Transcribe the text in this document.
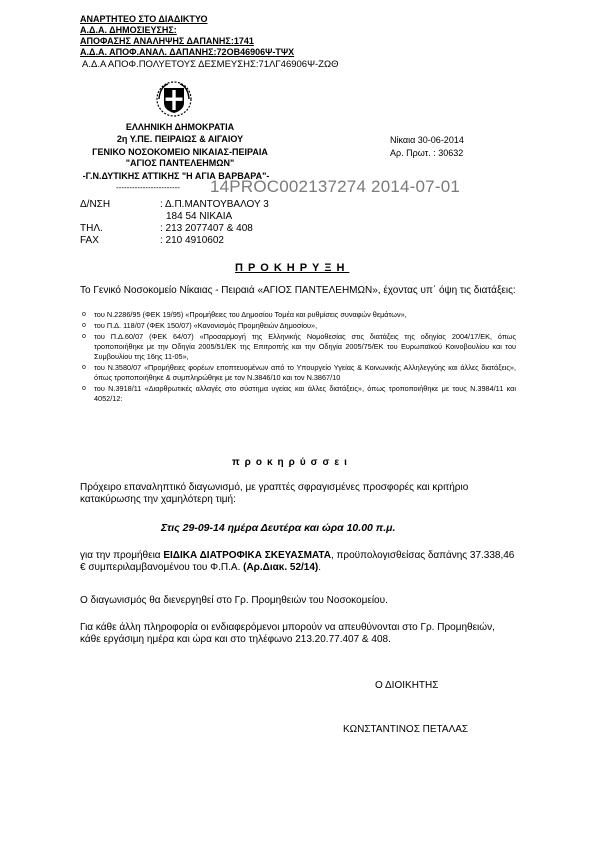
ΑΝΑΡΤΗΤΕΟ ΣΤΟ ΔΙΑΔΙΚΤΥΟ
Α.Δ.Α. ΔΗΜΟΣΙΕΥΣΗΣ:
ΑΠΟΦΑΣΗΣ ΑΝΑΛΗΨΗΣ ΔΑΠΑΝΗΣ:1741
Α.Δ.Α. ΑΠΟΦ.ΑΝΑΛ. ΔΑΠΑΝΗΣ:72ΟΒ46906Ψ-ΤΨΧ
Α.Δ.Α ΑΠΟΦ.ΠΟΛΥΕΤΟΥΣ ΔΕΣΜΕΥΣΗΣ:71ΛΓ46906Ψ-ΖΩΘ
ΕΛΛΗΝΙΚΗ ΔΗΜΟΚΡΑΤΙΑ
2η Υ.ΠΕ. ΠΕΙΡΑΙΩΣ & ΑΙΓΑΙΟΥ
ΓΕΝΙΚΟ ΝΟΣΟΚΟΜΕΙΟ ΝΙΚΑΙΑΣ-ΠΕΙΡΑΙΑ
"ΑΓΙΟΣ ΠΑΝΤΕΛΕΗΜΩΝ"
-Γ.Ν.ΔΥΤΙΚΗΣ ΑΤΤΙΚΗΣ "Η ΑΓΙΑ ΒΑΡΒΑΡΑ"-
------------------------
Νίκαια 30-06-2014
Αρ. Πρωτ. : 30632
14PROC002137274 2014-07-01
Δ/ΝΣΗ	: Δ.Π.ΜΑΝΤΟΥΒΑΛΟΥ 3
184 54 ΝΙΚΑΙΑ
ΤΗΛ.	: 213 2077407 & 408
FAX	: 210 4910602
ΠΡΟΚΗΡΥΞΗ
Το Γενικό Νοσοκομείο Νίκαιας - Πειραιά «ΑΓΙΟΣ ΠΑΝΤΕΛΕΗΜΩΝ», έχοντας υπ΄ όψη τις διατάξεις:
o του Ν.2286/95 (ΦΕΚ 19/95) «Προμήθειες του Δημοσίου Τομέα και ρυθμίσεις συναφών θεμάτων»,
o του Π.Δ. 118/07 (ΦΕΚ 150/07) «Κανονισμός Προμηθειών Δημοσίου»,
o του Π.Δ.60/07 (ΦΕΚ 64/07) «Προσαρμογή της Ελληνικής Νομοθεσίας στις διατάξεις της οδηγίας 2004/17/ΕΚ, όπως τροποποιήθηκε με την Οδηγία 2005/51/ΕΚ της Επιτροπής και την Οδηγία 2005/75/ΕΚ του Ευρωπαϊκού Κοινοβουλίου και του Συμβουλίου της 16ης 11-05»,
o του Ν.3580/07 «Προμήθειες φορέων εποπτευομένων από το Υπουργείο Υγείας & Κοινωνικής Αλληλεγγύης και άλλες διατάξεις», όπως τροποποιήθηκε & συμπληρώθηκε με τον Ν.3846/10 και τον Ν.3867/10
o του Ν.3918/11 «Διαρθρωτικές αλλαγές στο σύστημα υγείας και άλλες διατάξεις», όπως τροποποιήθηκε με τους Ν.3984/11 και 4052/12:
προκηρύσσει
Πρόχειρο επαναληπτικό διαγωνισμό, με γραπτές σφραγισμένες προσφορές και κριτήριο κατακύρωσης την χαμηλότερη τιμή:
Στις 29-09-14 ημέρα Δευτέρα και ώρα 10.00 π.μ.
για την προμήθεια ΕΙΔΙΚΑ ΔΙΑΤΡΟΦΙΚΑ ΣΚΕΥΑΣΜΑΤΑ, προϋπολογισθείσας δαπάνης 37.338,46 € συμπεριλαμβανομένου του Φ.Π.Α. (Αρ.Διακ. 52/14).
Ο διαγωνισμός θα διενεργηθεί στο Γρ. Προμηθειών του Νοσοκομείου.
Για κάθε άλλη πληροφορία οι ενδιαφερόμενοι μπορούν να απευθύνονται στο Γρ. Προμηθειών, κάθε εργάσιμη ημέρα και ώρα και στο τηλέφωνο 213.20.77.407 & 408.
Ο ΔΙΟΙΚΗΤΗΣ
ΚΩΝΣΤΑΝΤΙΝΟΣ ΠΕΤΑΛΑΣ
